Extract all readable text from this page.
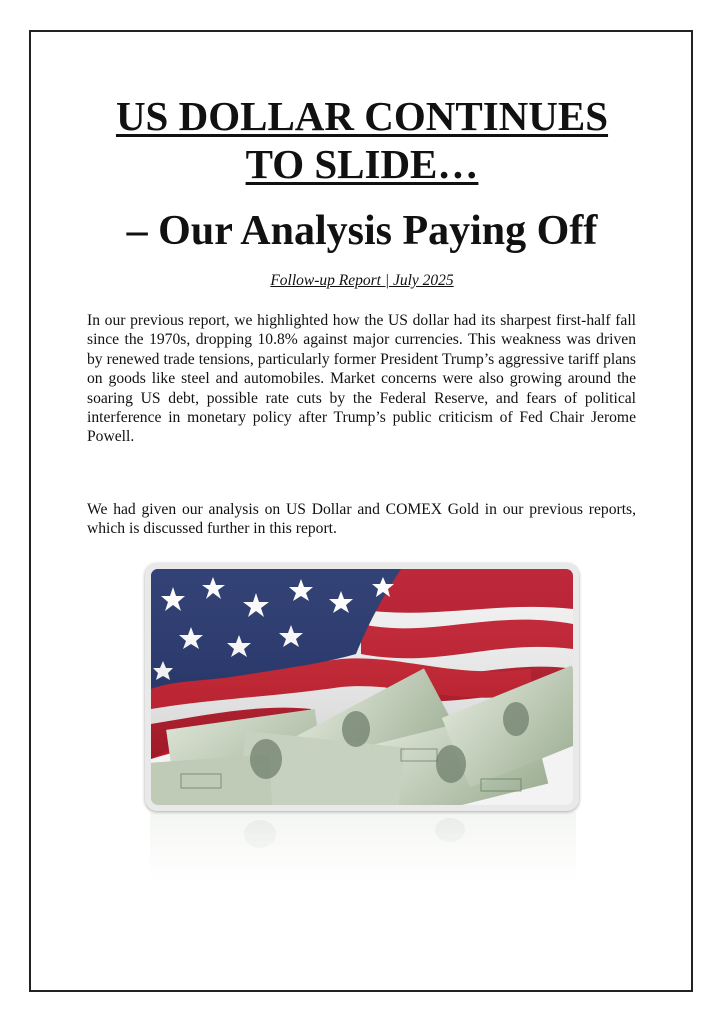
US DOLLAR CONTINUES
TO SLIDE…
– Our Analysis Paying Off
Follow-up Report | July 2025

In our previous report, we highlighted how the US dollar had its sharpest first-half fall since the 1970s, dropping 10.8% against major currencies. This weakness was driven by renewed trade tensions, particularly former President Trump’s aggressive tariff plans on goods like steel and automobiles. Market concerns were also growing around the soaring US debt, possible rate cuts by the Federal Reserve, and fears of political interference in monetary policy after Trump’s public criticism of Fed Chair Jerome Powell.

We had given our analysis on US Dollar and COMEX Gold in our previous reports, which is discussed further in this report.
